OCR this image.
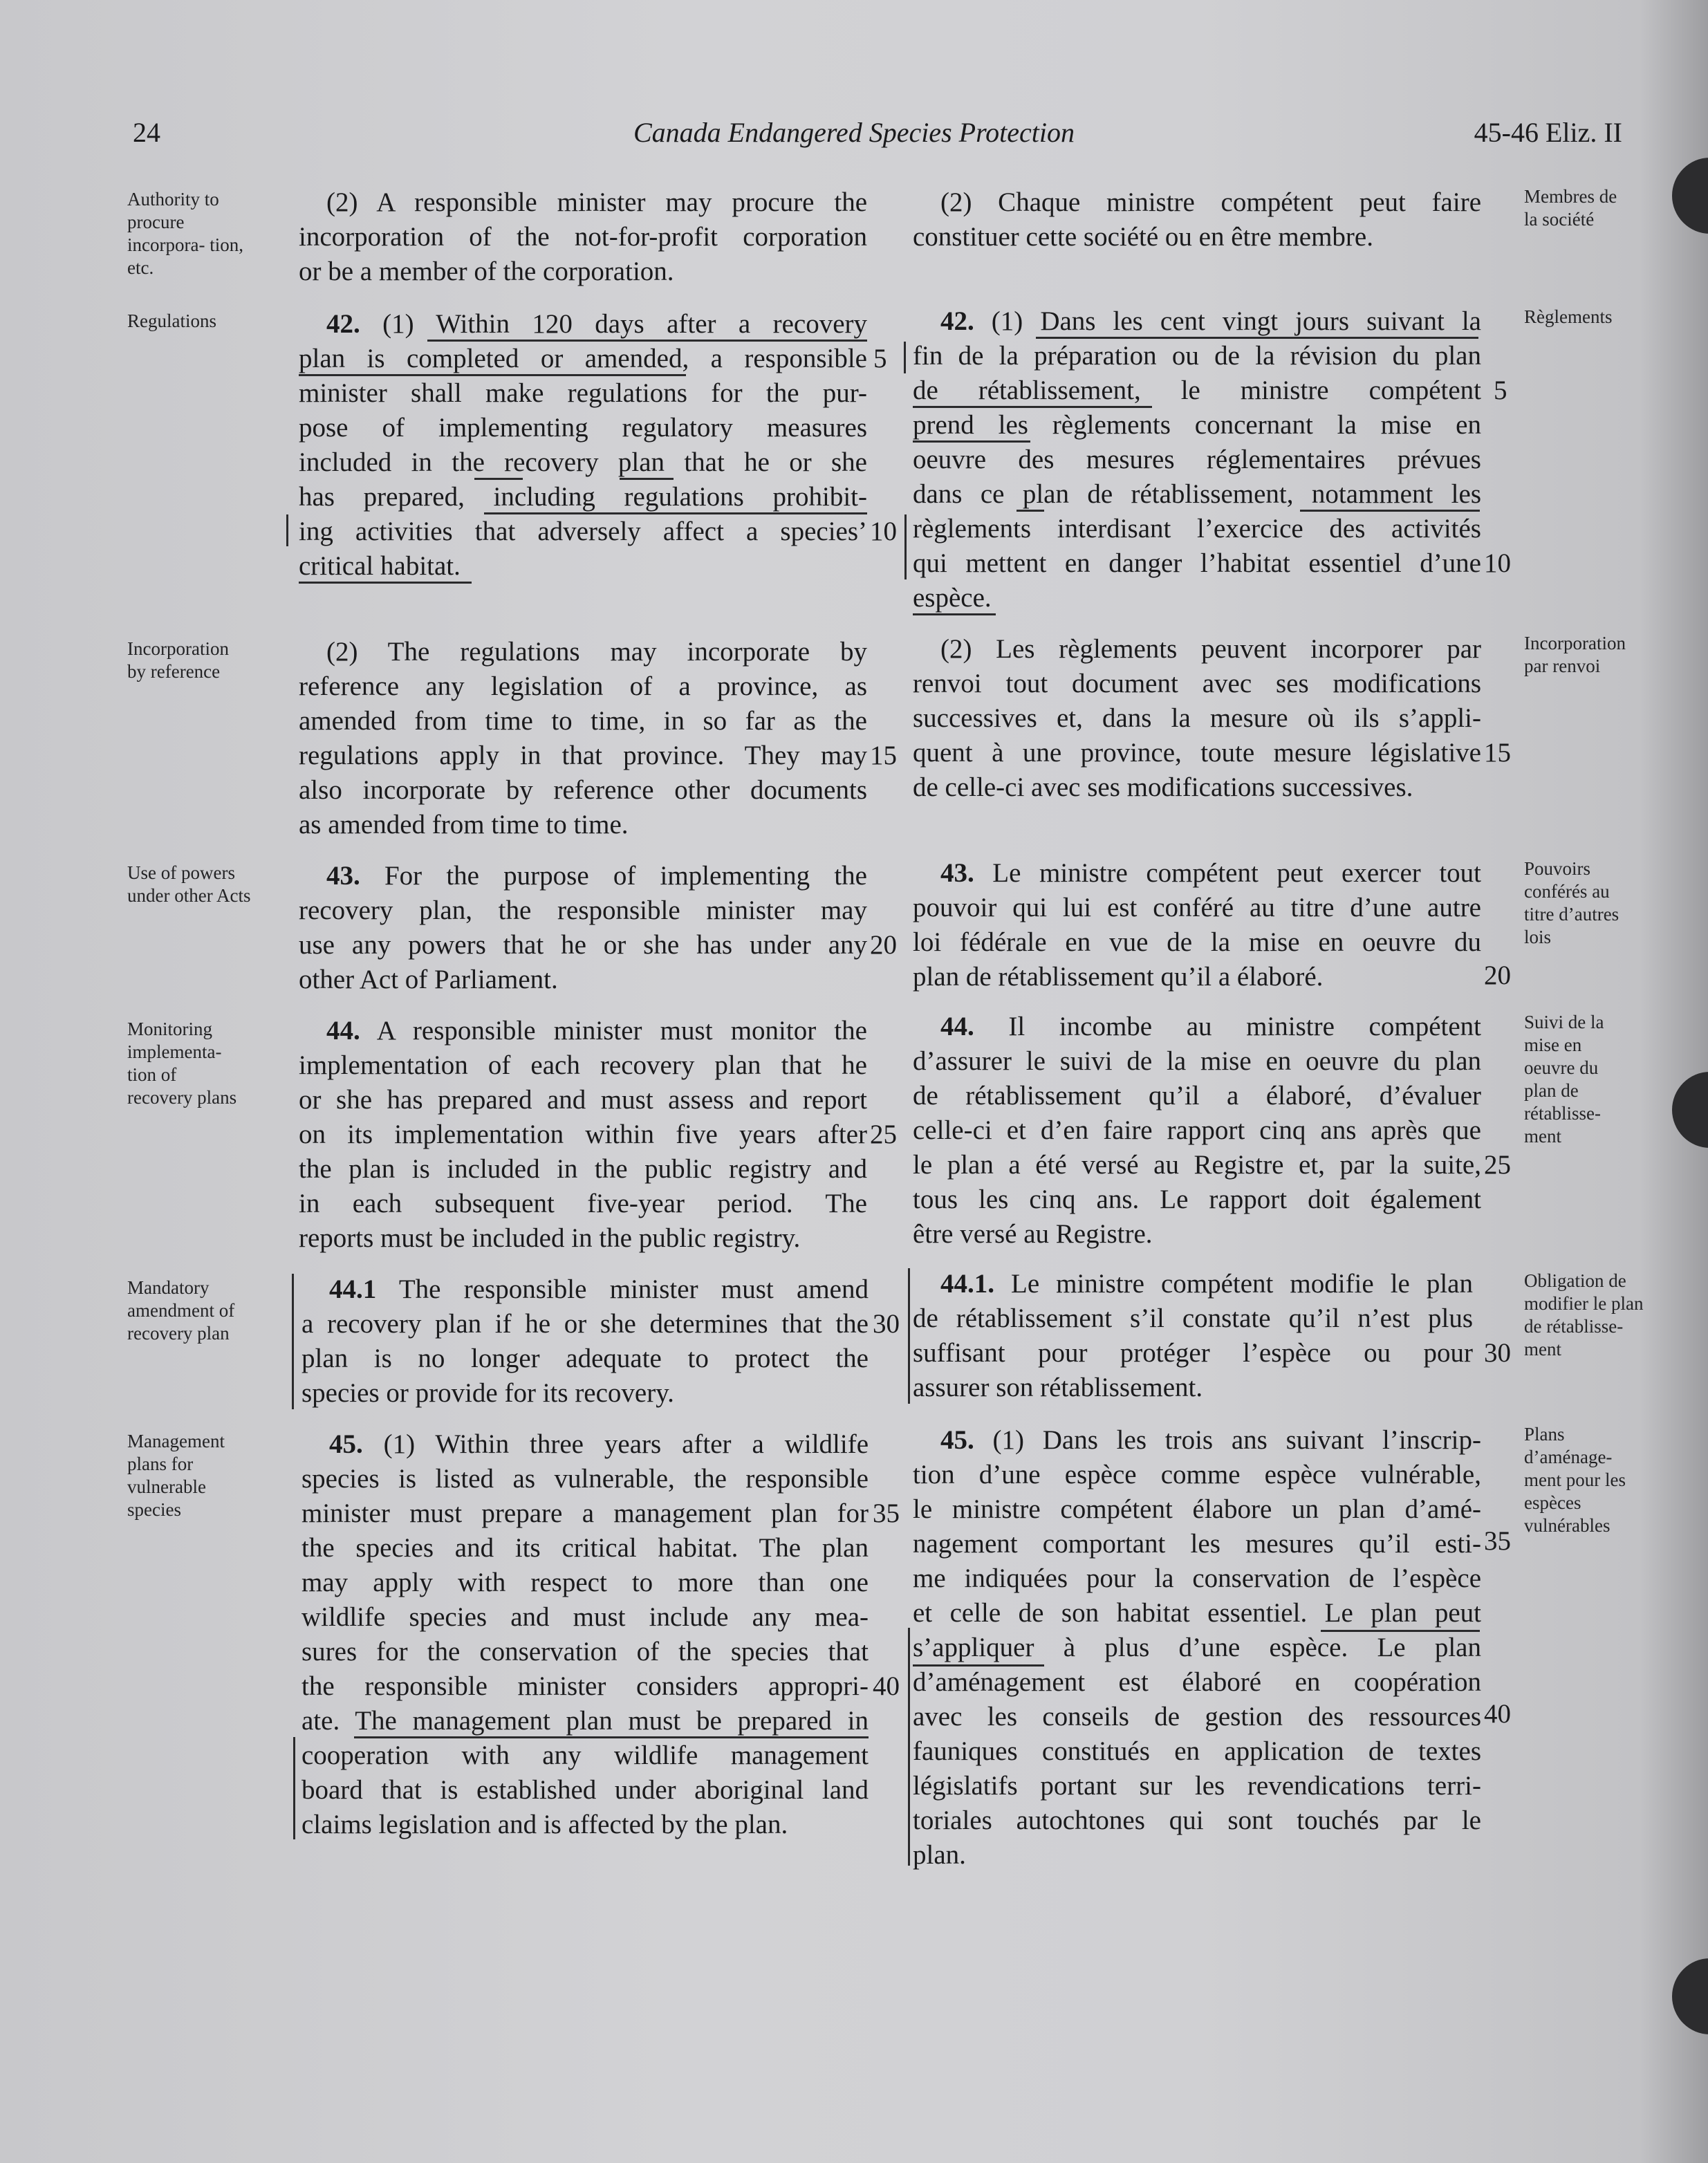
24	Canada Endangered Species Protection	45-46 Eliz. II
Authority to procure incorpora- tion, etc.
Regulations
Incorporation by reference
Use of powers under other Acts
Monitoring implementa- tion of recovery plans
Mandatory amendment of recovery plan
Management plans for vulnerable species
Membres de la société
Règlements
Incorporation par renvoi
Pouvoirs conférés au titre d’autres lois
Suivi de la mise en oeuvre du plan de rétablisse- ment
Obligation de modifier le plan de rétablisse- ment
Plans d’aménage- ment pour les espèces vulnérables
(2) A responsible minister may procure the
incorporation of the not-for-profit corporation
or be a member of the corporation.
42. (1) Within 120 days after a recovery
plan is completed or amended, a responsible
minister shall make regulations for the pur-
pose of implementing regulatory measures
included in the recovery plan that he or she
has prepared, including regulations prohibit-
ing activities that adversely affect a species’
critical habitat.
(2) The regulations may incorporate by
reference any legislation of a province, as
amended from time to time, in so far as the
regulations apply in that province. They may
also incorporate by reference other documents
as amended from time to time.
43. For the purpose of implementing the
recovery plan, the responsible minister may
use any powers that he or she has under any
other Act of Parliament.
44. A responsible minister must monitor the
implementation of each recovery plan that he
or she has prepared and must assess and report
on its implementation within five years after
the plan is included in the public registry and
in each subsequent five-year period. The
reports must be included in the public registry.
44.1 The responsible minister must amend
a recovery plan if he or she determines that the
plan is no longer adequate to protect the
species or provide for its recovery.
45. (1) Within three years after a wildlife
species is listed as vulnerable, the responsible
minister must prepare a management plan for
the species and its critical habitat. The plan
may apply with respect to more than one
wildlife species and must include any mea-
sures for the conservation of the species that
the responsible minister considers appropri-
ate. The management plan must be prepared in
cooperation with any wildlife management
board that is established under aboriginal land
claims legislation and is affected by the plan.
(2) Chaque ministre compétent peut faire
constituer cette société ou en être membre.
42. (1) Dans les cent vingt jours suivant la
fin de la préparation ou de la révision du plan
de rétablissement, le ministre compétent
prend les règlements concernant la mise en
oeuvre des mesures réglementaires prévues
dans ce plan de rétablissement, notamment les
règlements interdisant l’exercice des activités
qui mettent en danger l’habitat essentiel d’une
espèce.
(2) Les règlements peuvent incorporer par
renvoi tout document avec ses modifications
successives et, dans la mesure où ils s’appli-
quent à une province, toute mesure législative
de celle-ci avec ses modifications successives.
43. Le ministre compétent peut exercer tout
pouvoir qui lui est conféré au titre d’une autre
loi fédérale en vue de la mise en oeuvre du
plan de rétablissement qu’il a élaboré.
44. Il incombe au ministre compétent
d’assurer le suivi de la mise en oeuvre du plan
de rétablissement qu’il a élaboré, d’évaluer
celle-ci et d’en faire rapport cinq ans après que
le plan a été versé au Registre et, par la suite,
tous les cinq ans. Le rapport doit également
être versé au Registre.
44.1. Le ministre compétent modifie le plan
de rétablissement s’il constate qu’il n’est plus
suffisant pour protéger l’espèce ou pour
assurer son rétablissement.
45. (1) Dans les trois ans suivant l’inscrip-
tion d’une espèce comme espèce vulnérable,
le ministre compétent élabore un plan d’amé-
nagement comportant les mesures qu’il esti-
me indiquées pour la conservation de l’espèce
et celle de son habitat essentiel. Le plan peut
s’appliquer à plus d’une espèce. Le plan
d’aménagement est élaboré en coopération
avec les conseils de gestion des ressources
fauniques constitués en application de textes
législatifs portant sur les revendications terri-
toriales autochtones qui sont touchés par le
plan.
5
10
15
20
25
30
35
40
5
10
15
20
25
30
35
40
